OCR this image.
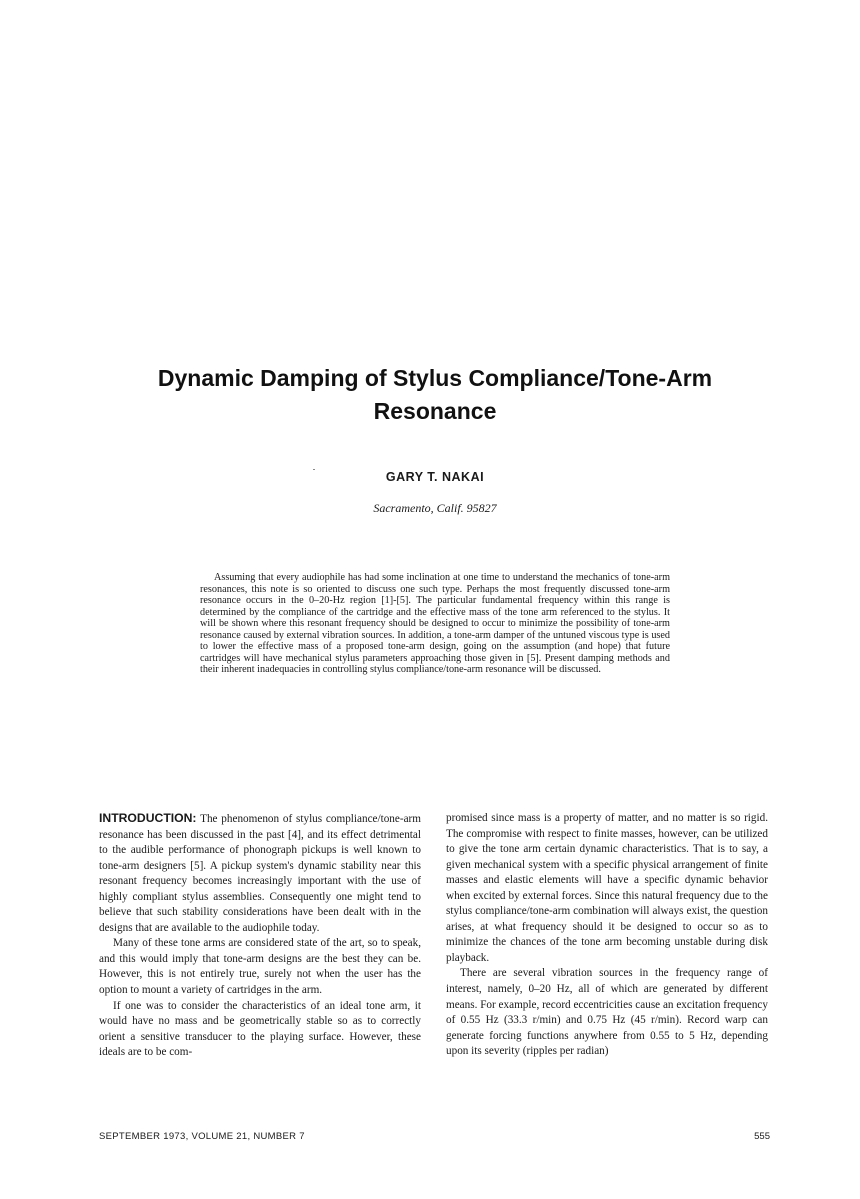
Dynamic Damping of Stylus Compliance/Tone-Arm Resonance
GARY T. NAKAI
Sacramento, Calif. 95827

Assuming that every audiophile has had some inclination at one time to understand the mechanics of tone-arm resonances, this note is so oriented to discuss one such type. Perhaps the most frequently discussed tone-arm resonance occurs in the 0–20-Hz region [1]-[5]. The particular fundamental frequency within this range is determined by the compliance of the cartridge and the effective mass of the tone arm referenced to the stylus. It will be shown where this resonant frequency should be designed to occur to minimize the possibility of tone-arm resonance caused by external vibration sources. In addition, a tone-arm damper of the untuned viscous type is used to lower the effective mass of a proposed tone-arm design, going on the assumption (and hope) that future cartridges will have mechanical stylus parameters approaching those given in [5]. Present damping methods and their inherent inadequacies in controlling stylus compliance/tone-arm resonance will be discussed.

INTRODUCTION: The phenomenon of stylus compliance/tone-arm resonance has been discussed in the past [4], and its effect detrimental to the audible performance of phonograph pickups is well known to tone-arm designers [5]. A pickup system's dynamic stability near this resonant frequency becomes increasingly important with the use of highly compliant stylus assemblies. Consequently one might tend to believe that such stability considerations have been dealt with in the designs that are available to the audiophile today.

Many of these tone arms are considered state of the art, so to speak, and this would imply that tone-arm designs are the best they can be. However, this is not entirely true, surely not when the user has the option to mount a variety of cartridges in the arm.

If one was to consider the characteristics of an ideal tone arm, it would have no mass and be geometrically stable so as to correctly orient a sensitive transducer to the playing surface. However, these ideals are to be com-

promised since mass is a property of matter, and no matter is so rigid. The compromise with respect to finite masses, however, can be utilized to give the tone arm certain dynamic characteristics. That is to say, a given mechanical system with a specific physical arrangement of finite masses and elastic elements will have a specific dynamic behavior when excited by external forces. Since this natural frequency due to the stylus compliance/tone-arm combination will always exist, the question arises, at what frequency should it be designed to occur so as to minimize the chances of the tone arm becoming unstable during disk playback.

There are several vibration sources in the frequency range of interest, namely, 0–20 Hz, all of which are generated by different means. For example, record eccentricities cause an excitation frequency of 0.55 Hz (33.3 r/min) and 0.75 Hz (45 r/min). Record warp can generate forcing functions anywhere from 0.55 to 5 Hz, depending upon its severity (ripples per radian)

SEPTEMBER 1973, VOLUME 21, NUMBER 7	555
